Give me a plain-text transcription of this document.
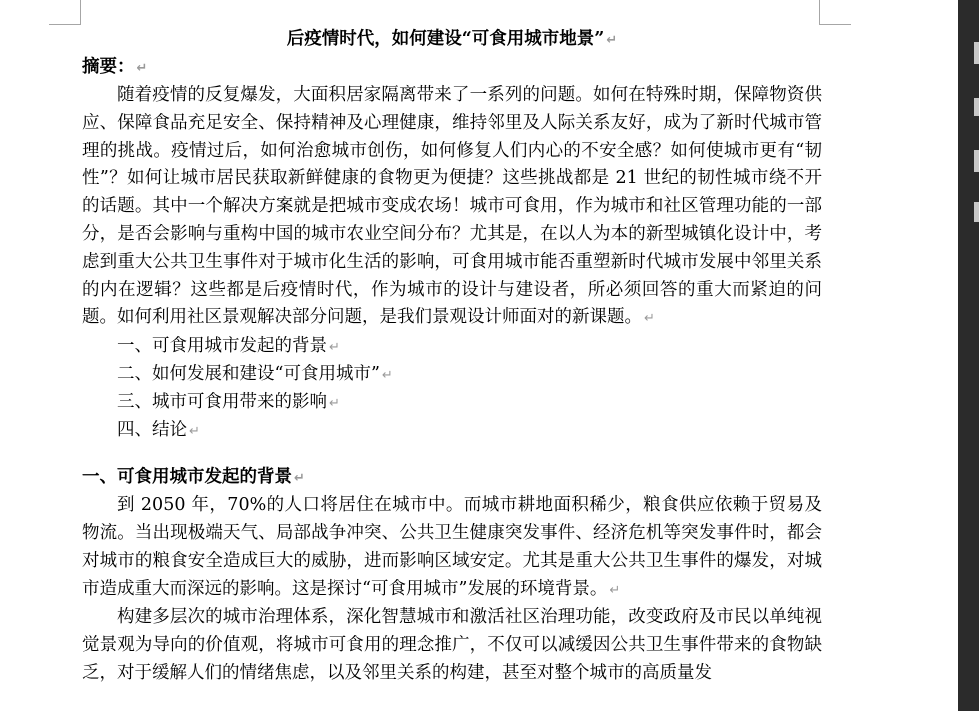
后疫情时代，如何建设“可食用城市地景” ↵
摘要： ↵

随着疫情的反复爆发，大面积居家隔离带来了一系列的问题。如何在特殊时期，保障物资供应、保障食品充足安全、保持精神及心理健康，维持邻里及人际关系友好，成为了新时代城市管理的挑战。疫情过后，如何治愈城市创伤，如何修复人们内心的不安全感？如何使城市更有“韧性”？如何让城市居民获取新鲜健康的食物更为便捷？这些挑战都是 21 世纪的韧性城市绕不开的话题。其中一个解决方案就是把城市变成农场！城市可食用，作为城市和社区管理功能的一部分，是否会影响与重构中国的城市农业空间分布？尤其是，在以人为本的新型城镇化设计中，考虑到重大公共卫生事件对于城市化生活的影响，可食用城市能否重塑新时代城市发展中邻里关系的内在逻辑？这些都是后疫情时代，作为城市的设计与建设者，所必须回答的重大而紧迫的问题。如何利用社区景观解决部分问题，是我们景观设计师面对的新课题。 ↵

一、可食用城市发起的背景 ↵
二、如何发展和建设“可食用城市” ↵
三、城市可食用带来的影响 ↵
四、结论 ↵
一、可食用城市发起的背景 ↵

到 2050 年，70%的人口将居住在城市中。而城市耕地面积稀少，粮食供应依赖于贸易及物流。当出现极端天气、局部战争冲突、公共卫生健康突发事件、经济危机等突发事件时，都会对城市的粮食安全造成巨大的威胁，进而影响区域安定。尤其是重大公共卫生事件的爆发，对城市造成重大而深远的影响。这是探讨“可食用城市”发展的环境背景。 ↵

构建多层次的城市治理体系，深化智慧城市和激活社区治理功能，改变政府及市民以单纯视觉景观为导向的价值观，将城市可食用的理念推广，不仅可以减缓因公共卫生事件带来的食物缺乏，对于缓解人们的情绪焦虑，以及邻里关系的构建，甚至对整个城市的高质量发
